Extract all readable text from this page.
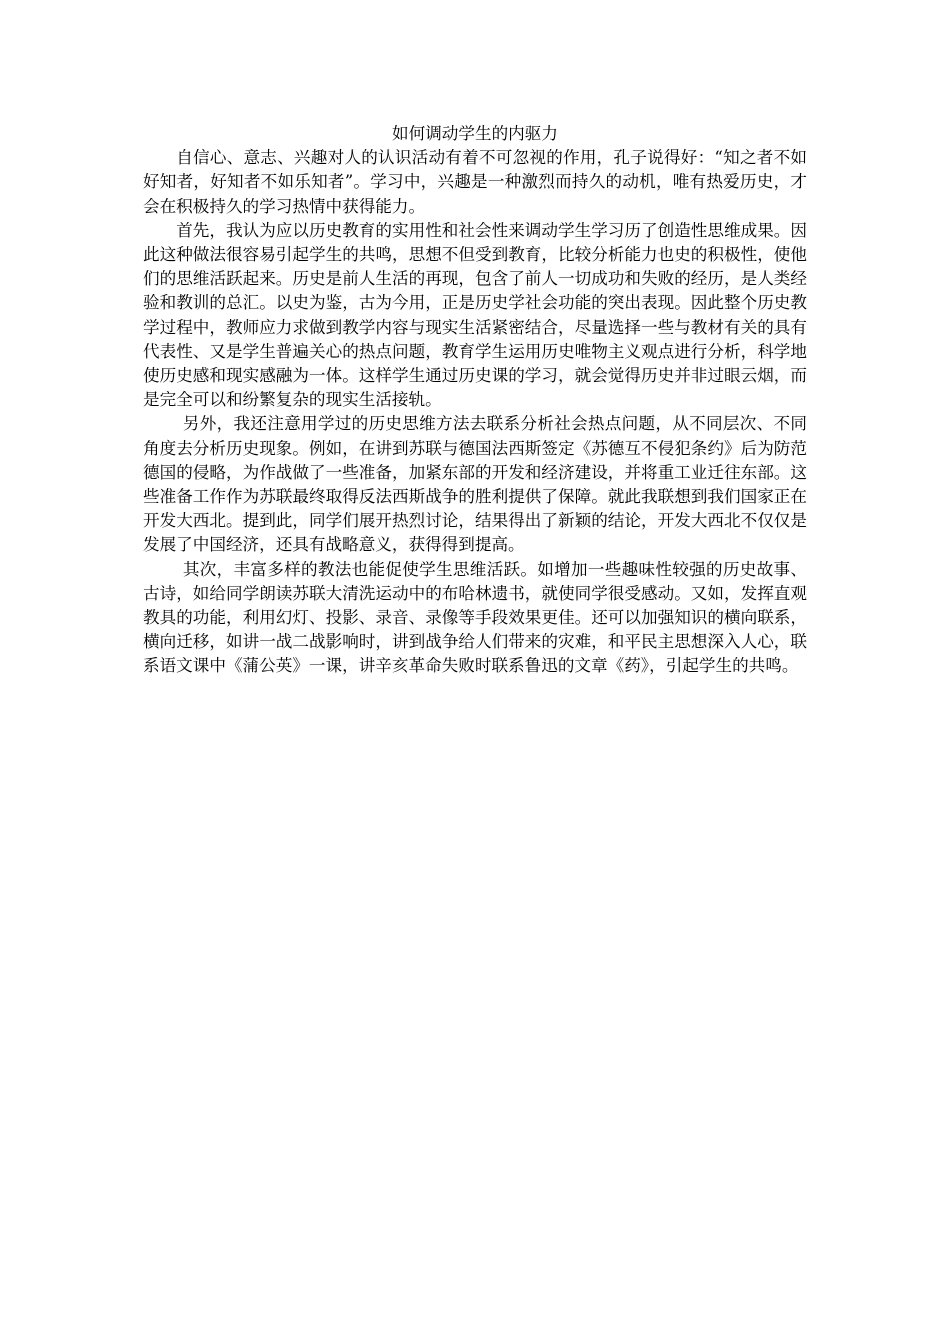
如何调动学生的内驱力

自信心、意志、兴趣对人的认识活动有着不可忽视的作用，孔子说得好：“知之者不如好知者，好知者不如乐知者”。学习中，兴趣是一种激烈而持久的动机，唯有热爱历史，才会在积极持久的学习热情中获得能力。

首先，我认为应以历史教育的实用性和社会性来调动学生学习历了创造性思维成果。因此这种做法很容易引起学生的共鸣，思想不但受到教育，比较分析能力也史的积极性，使他们的思维活跃起来。历史是前人生活的再现，包含了前人一切成功和失败的经历，是人类经验和教训的总汇。以史为鉴，古为今用，正是历史学社会功能的突出表现。因此整个历史教学过程中，教师应力求做到教学内容与现实生活紧密结合，尽量选择一些与教材有关的具有代表性、又是学生普遍关心的热点问题，教育学生运用历史唯物主义观点进行分析，科学地使历史感和现实感融为一体。这样学生通过历史课的学习，就会觉得历史并非过眼云烟，而是完全可以和纷繁复杂的现实生活接轨。

另外，我还注意用学过的历史思维方法去联系分析社会热点问题，从不同层次、不同角度去分析历史现象。例如，在讲到苏联与德国法西斯签定《苏德互不侵犯条约》后为防范德国的侵略，为作战做了一些准备，加紧东部的开发和经济建设，并将重工业迁往东部。这些准备工作作为苏联最终取得反法西斯战争的胜利提供了保障。就此我联想到我们国家正在开发大西北。提到此，同学们展开热烈讨论，结果得出了新颖的结论，开发大西北不仅仅是发展了中国经济，还具有战略意义，获得得到提高。

其次，丰富多样的教法也能促使学生思维活跃。如增加一些趣味性较强的历史故事、古诗，如给同学朗读苏联大清洗运动中的布哈林遗书，就使同学很受感动。又如，发挥直观教具的功能，利用幻灯、投影、录音、录像等手段效果更佳。还可以加强知识的横向联系，横向迁移，如讲一战二战影响时，讲到战争给人们带来的灾难，和平民主思想深入人心，联系语文课中《蒲公英》一课，讲辛亥革命失败时联系鲁迅的文章《药》，引起学生的共鸣。
